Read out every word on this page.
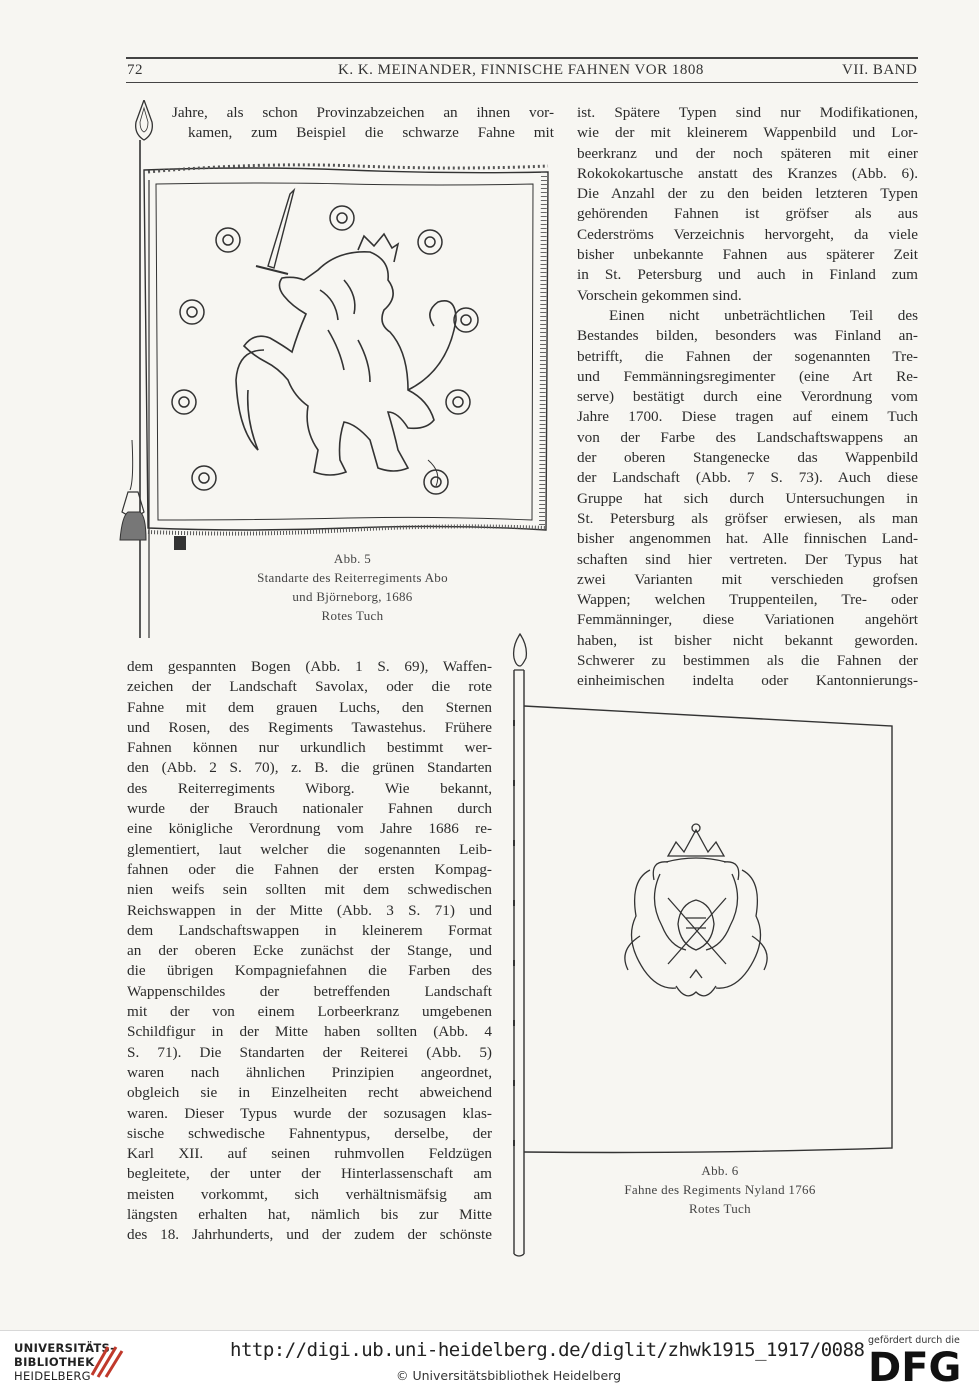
72	K. K. MEINANDER, FINNISCHE FAHNEN VOR 1808	VII. BAND
Jahre, als schon Provinzabzeichen an ihnen vor-
kamen, zum Beispiel die schwarze Fahne mit
Abb. 5
Standarte des Reiterregiments Abo
und Björneborg, 1686
Rotes Tuch
dem gespannten Bogen (Abb. 1 S. 69), Waffen-
zeichen der Landschaft Savolax, oder die rote
Fahne mit dem grauen Luchs, den Sternen
und Rosen, des Regiments Tawastehus. Frühere
Fahnen können nur urkundlich bestimmt wer-
den (Abb. 2 S. 70), z. B. die grünen Standarten
des Reiterregiments Wiborg. Wie bekannt,
wurde der Brauch nationaler Fahnen durch
eine königliche Verordnung vom Jahre 1686 re-
glementiert, laut welcher die sogenannten Leib-
fahnen oder die Fahnen der ersten Kompag-
nien weifs sein sollten mit dem schwedischen
Reichswappen in der Mitte (Abb. 3 S. 71) und
dem Landschaftswappen in kleinerem Format
an der oberen Ecke zunächst der Stange, und
die übrigen Kompagniefahnen die Farben des
Wappenschildes der betreffenden Landschaft
mit der von einem Lorbeerkranz umgebenen
Schildfigur in der Mitte haben sollten (Abb. 4
S. 71). Die Standarten der Reiterei (Abb. 5)
waren nach ähnlichen Prinzipien angeordnet,
obgleich sie in Einzelheiten recht abweichend
waren. Dieser Typus wurde der sozusagen klas-
sische schwedische Fahnentypus, derselbe, der
Karl XII. auf seinen ruhmvollen Feldzügen
begleitete, der unter der Hinterlassenschaft am
meisten vorkommt, sich verhältnismäfsig am
längsten erhalten hat, nämlich bis zur Mitte
des 18. Jahrhunderts, und der zudem der schönste
ist. Spätere Typen sind nur Modifikationen,
wie der mit kleinerem Wappenbild und Lor-
beerkranz und der noch späteren mit einer
Rokokokartusche anstatt des Kranzes (Abb. 6).
Die Anzahl der zu den beiden letzteren Typen
gehörenden Fahnen ist gröfser als aus
Cederströms Verzeichnis hervorgeht, da viele
bisher unbekannte Fahnen aus späterer Zeit
in St. Petersburg und auch in Finland zum
Vorschein gekommen sind.
Einen nicht unbeträchtlichen Teil des
Bestandes bilden, besonders was Finland an-
betrifft, die Fahnen der sogenannten Tre-
und Femmänningsregimenter (eine Art Re-
serve) bestätigt durch eine Verordnung vom
Jahre 1700. Diese tragen auf einem Tuch
von der Farbe des Landschaftswappens an
der oberen Stangenecke das Wappenbild
der Landschaft (Abb. 7 S. 73). Auch diese
Gruppe hat sich durch Untersuchungen in
St. Petersburg als gröfser erwiesen, als man
bisher angenommen hat. Alle finnischen Land-
schaften sind hier vertreten. Der Typus hat
zwei Varianten mit verschieden grofsen
Wappen; welchen Truppenteilen, Tre- oder
Femmänninger, diese Variationen angehört
haben, ist bisher nicht bekannt geworden.
Schwerer zu bestimmen als die Fahnen der
einheimischen indelta oder Kantonnierungs-
Abb. 6
Fahne des Regiments Nyland 1766
Rotes Tuch
UNIVERSITÄTS-
BIBLIOTHEK
HEIDELBERG
http://digi.ub.uni-heidelberg.de/diglit/zhwk1915_1917/0088
© Universitätsbibliothek Heidelberg
gefördert durch die
DFG
